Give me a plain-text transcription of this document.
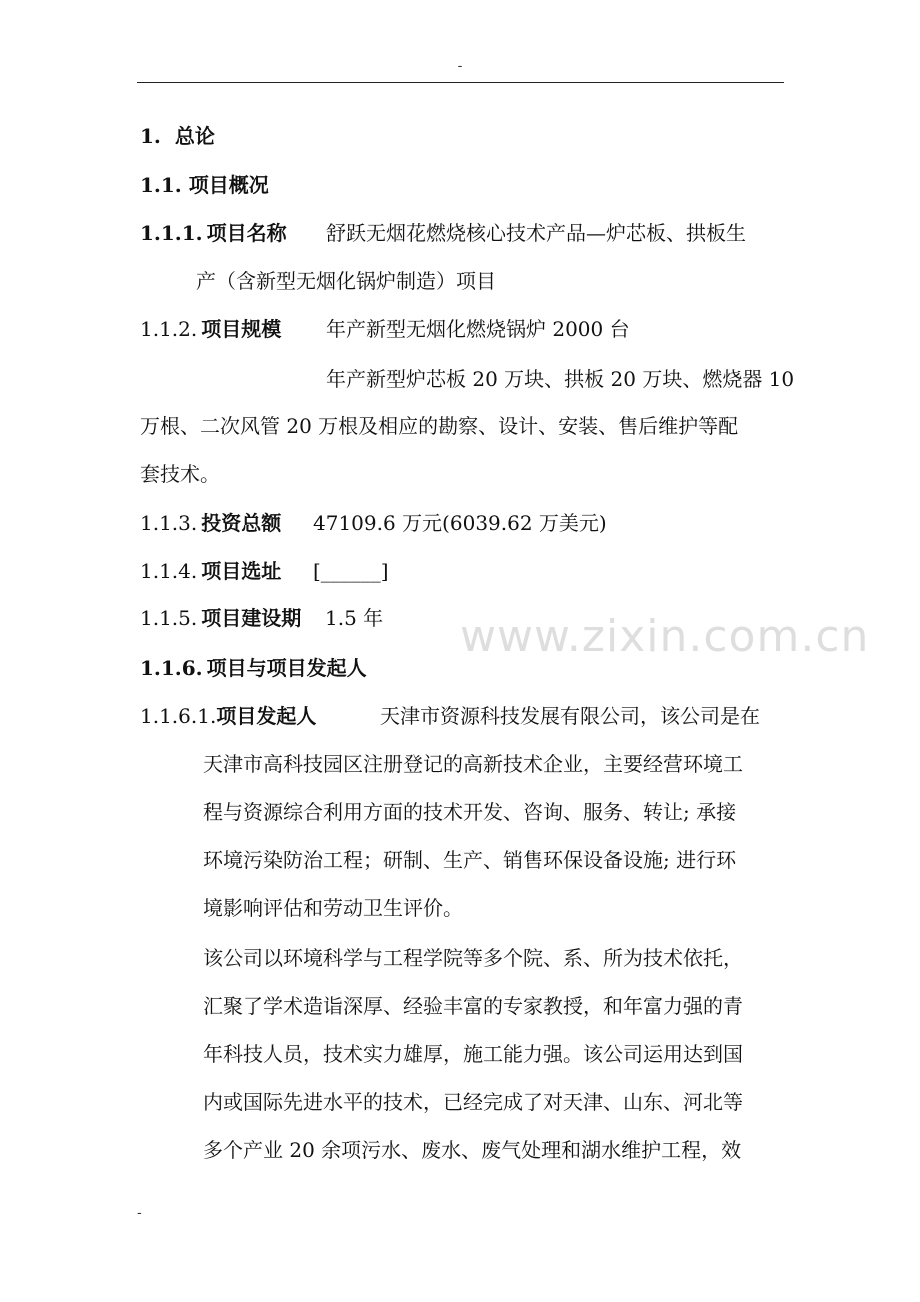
-
www.zixin.com.cn
1. 总论
1.1. 项目概况
1.1.1. 项目名称 舒跃无烟花燃烧核心技术产品—炉芯板、拱板生
产（含新型无烟化锅炉制造）项目
1.1.2. 项目规模 年产新型无烟化燃烧锅炉 2000 台
年产新型炉芯板 20 万块、拱板 20 万块、燃烧器 10
万根、二次风管 20 万根及相应的勘察、设计、安装、售后维护等配
套技术。
1.1.3. 投资总额 47109.6 万元(6039.62 万美元)
1.1.4. 项目选址 [______]
1.1.5. 项目建设期 1.5 年
1.1.6. 项目与项目发起人
1.1.6.1.项目发起人	天津市资源科技发展有限公司，该公司是在
天津市高科技园区注册登记的高新技术企业，主要经营环境工
程与资源综合利用方面的技术开发、咨询、服务、转让; 承接
环境污染防治工程；研制、生产、销售环保设备设施; 进行环
境影响评估和劳动卫生评价。
该公司以环境科学与工程学院等多个院、系、所为技术依托，
汇聚了学术造诣深厚、经验丰富的专家教授，和年富力强的青
年科技人员，技术实力雄厚，施工能力强。该公司运用达到国
内或国际先进水平的技术，已经完成了对天津、山东、河北等
多个产业 20 余项污水、废水、废气处理和湖水维护工程，效
-
